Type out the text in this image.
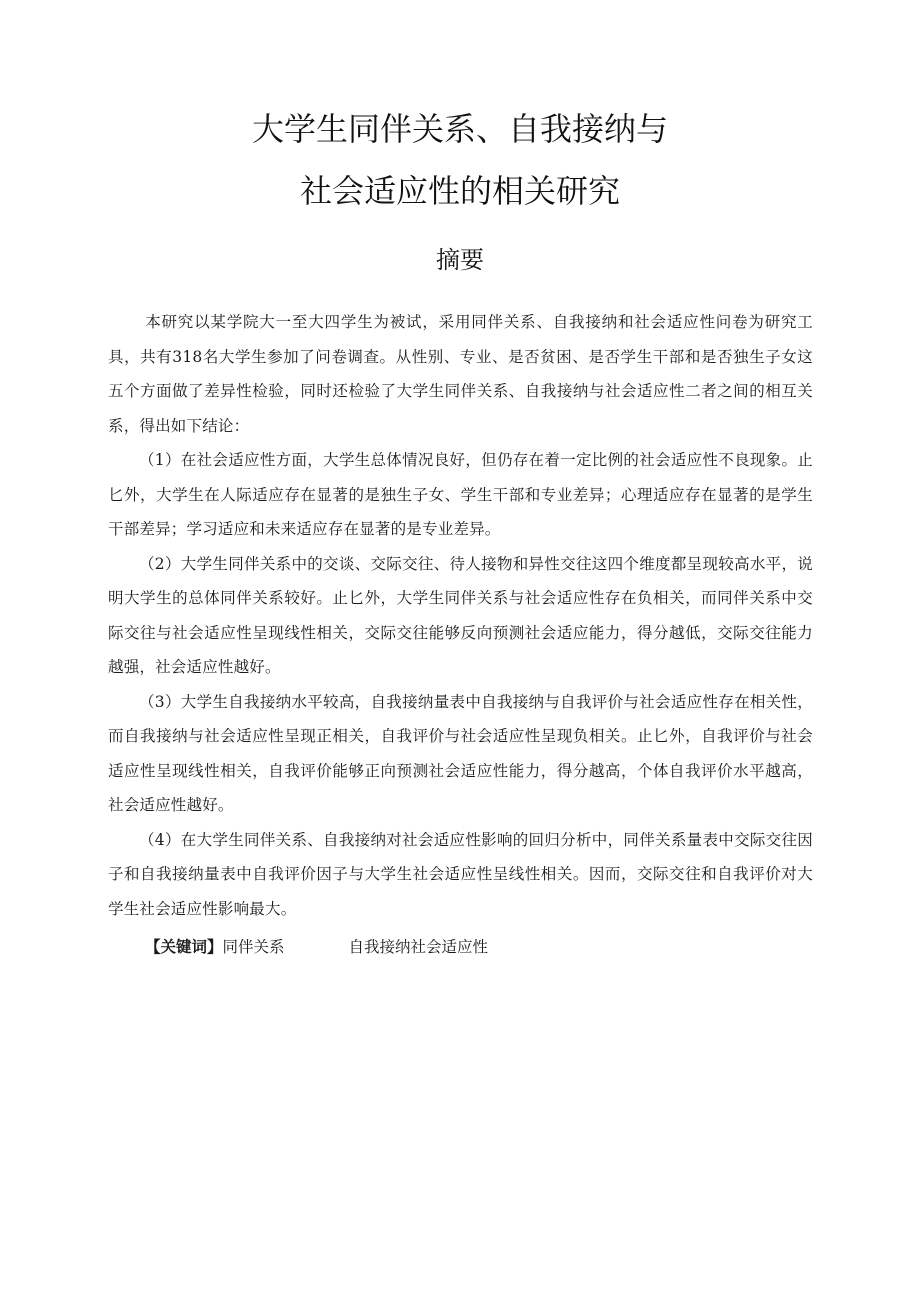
大学生同伴关系、自我接纳与
社会适应性的相关研究
摘要

本研究以某学院大一至大四学生为被试，采用同伴关系、自我接纳和社会适应性问卷为研究工具，共有318名大学生参加了问卷调查。从性别、专业、是否贫困、是否学生干部和是否独生子女这五个方面做了差异性检验，同时还检验了大学生同伴关系、自我接纳与社会适应性二者之间的相互关系，得出如下结论：

（1）在社会适应性方面，大学生总体情况良好，但仍存在着一定比例的社会适应性不良现象。止匕外，大学生在人际适应存在显著的是独生子女、学生干部和专业差异；心理适应存在显著的是学生干部差异；学习适应和未来适应存在显著的是专业差异。

（2）大学生同伴关系中的交谈、交际交往、待人接物和异性交往这四个维度都呈现较高水平，说明大学生的总体同伴关系较好。止匕外，大学生同伴关系与社会适应性存在负相关，而同伴关系中交际交往与社会适应性呈现线性相关，交际交往能够反向预测社会适应能力，得分越低，交际交往能力越强，社会适应性越好。

（3）大学生自我接纳水平较高，自我接纳量表中自我接纳与自我评价与社会适应性存在相关性，而自我接纳与社会适应性呈现正相关，自我评价与社会适应性呈现负相关。止匕外，自我评价与社会适应性呈现线性相关，自我评价能够正向预测社会适应性能力，得分越高，个体自我评价水平越高，社会适应性越好。

（4）在大学生同伴关系、自我接纳对社会适应性影响的回归分析中，同伴关系量表中交际交往因子和自我接纳量表中自我评价因子与大学生社会适应性呈线性相关。因而，交际交往和自我评价对大学生社会适应性影响最大。

【关键词】同伴关系	自我接纳社会适应性
